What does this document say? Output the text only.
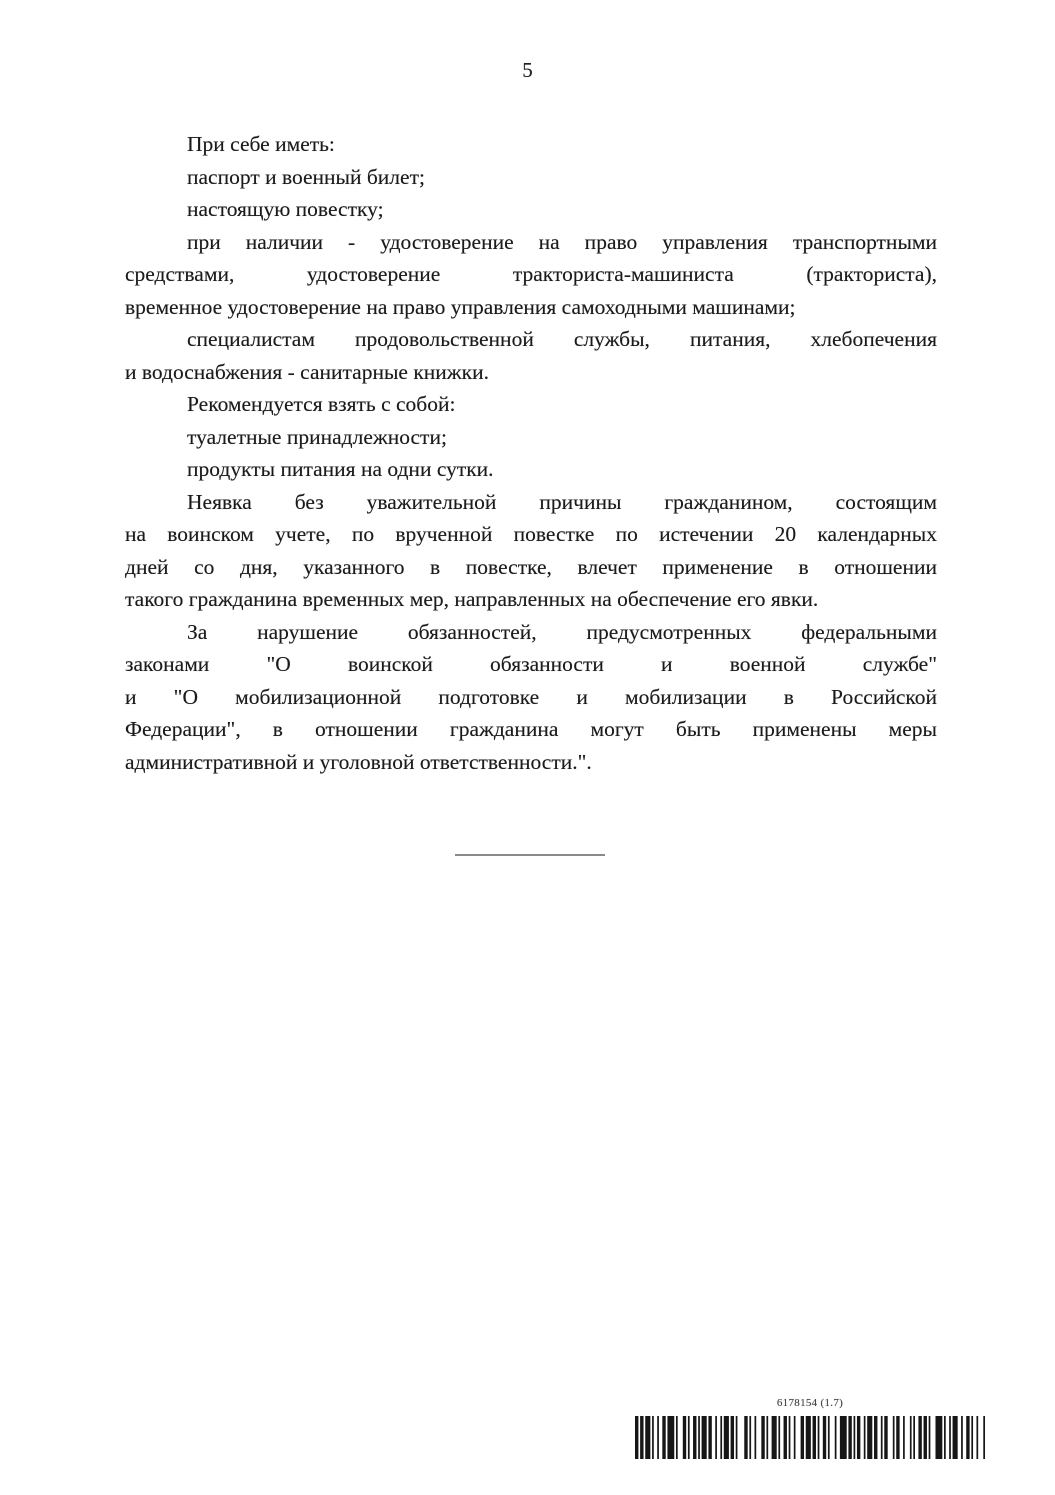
5
При себе иметь:
паспорт и военный билет;
настоящую повестку;
при наличии - удостоверение на право управления транспортными
средствами, удостоверение тракториста-машиниста (тракториста),
временное удостоверение на право управления самоходными машинами;
специалистам продовольственной службы, питания, хлебопечения
и водоснабжения - санитарные книжки.
Рекомендуется взять с собой:
туалетные принадлежности;
продукты питания на одни сутки.
Неявка без уважительной причины гражданином, состоящим
на воинском учете, по врученной повестке по истечении 20 календарных
дней со дня, указанного в повестке, влечет применение в отношении
такого гражданина временных мер, направленных на обеспечение его явки.
За нарушение обязанностей, предусмотренных федеральными
законами "О воинской обязанности и военной службе"
и "О мобилизационной подготовке и мобилизации в Российской
Федерации", в отношении гражданина могут быть применены меры
административной и уголовной ответственности.".
6178154 (1.7)
